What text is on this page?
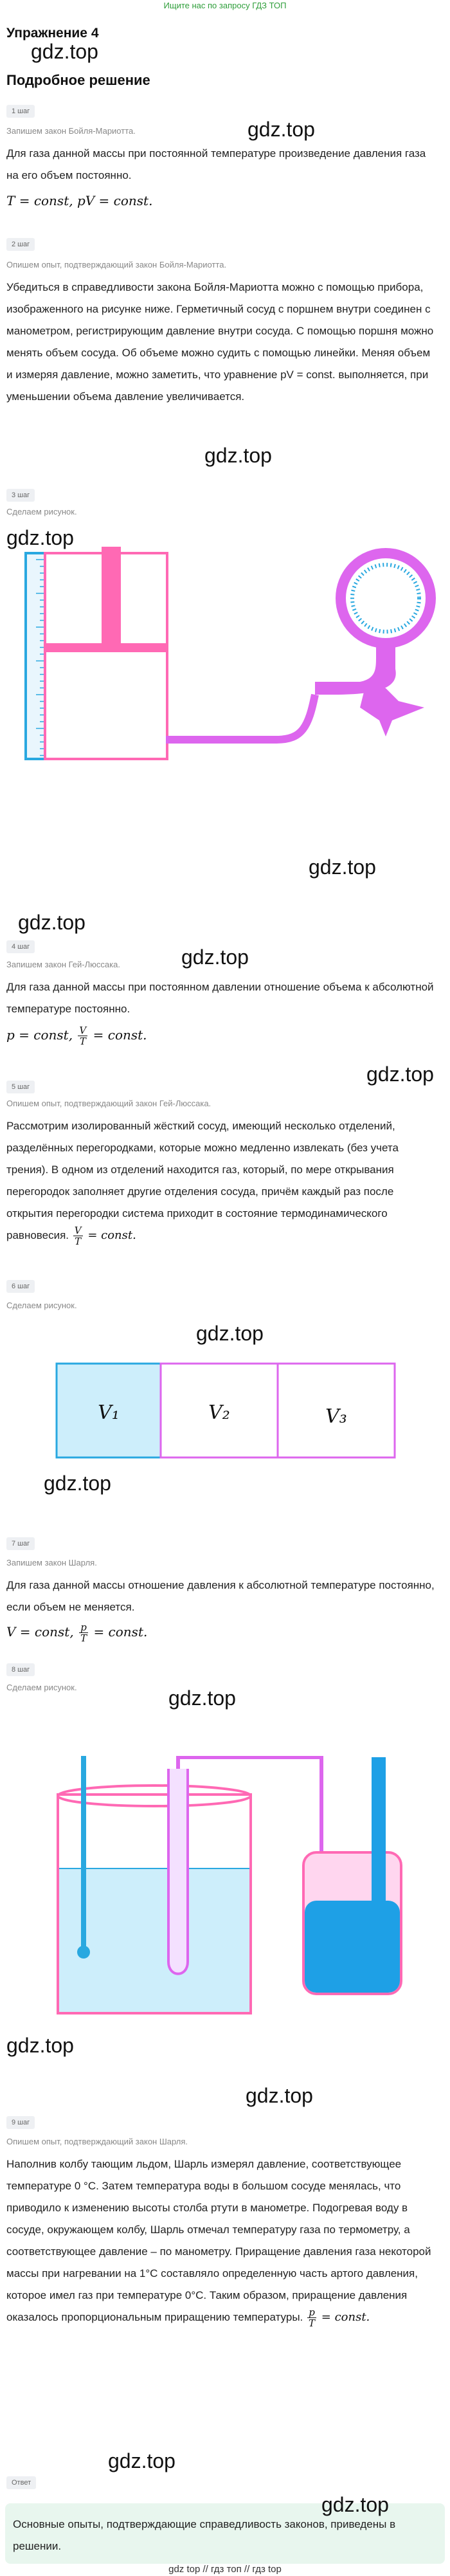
Ищите нас по запросу ГДЗ ТОП
Упражнение 4
gdz.top
Подробное решение
gdz.top
1 шаг
Запишем закон Бойля-Мариотта.
Для газа данной массы при постоянной температуре произведение давления газа на его объем постоянно.
T = const, pV = const.
2 шаг
Опишем опыт, подтверждающий закон Бойля-Мариотта.
Убедиться в справедливости закона Бойля-Мариотта можно с помощью прибора, изображенного на рисунке ниже. Герметичный сосуд с поршнем внутри соединен с манометром, регистрирующим давление внутри сосуда. С помощью поршня можно менять объем сосуда. Об объеме можно судить с помощью линейки. Меняя объем и измеряя давление, можно заметить, что уравнение pV = const. выполняется, при уменьшении объема давление увеличивается.
gdz.top
3 шаг
Сделаем рисунок.
gdz.top
gdz.top
gdz.top
4 шаг
Запишем закон Гей-Люссака.	gdz.top
Для газа данной массы при постоянном давлении отношение объема к абсолютной температуре постоянно.
p = const, $\frac{V}{T}$ = const.
gdz.top
5 шаг
Опишем опыт, подтверждающий закон Гей-Люссака.
Рассмотрим изолированный жёсткий сосуд, имеющий несколько отделений, разделённых перегородками, которые можно медленно извлекать (без учета трения). В одном из отделений находится газ, который, по мере открывания перегородок заполняет другие отделения сосуда, причём каждый раз после открытия перегородки система приходит в состояние термодинамического равновесия. $\frac{V}{T}$ = const.
6 шаг
Сделаем рисунок.
gdz.top
V₁	V₂	V₃
gdz.top
7 шаг
Запишем закон Шарля.
Для газа данной массы отношение давления к абсолютной температуре постоянно, если объем не меняется.
V = const, $\frac{p}{T}$ = const.
8 шаг
Сделаем рисунок.	gdz.top
gdz.top
gdz.top
9 шаг
Опишем опыт, подтверждающий закон Шарля.
Наполнив колбу тающим льдом, Шарль измерял давление, соответствующее температуре 0 °С. Затем температура воды в большом сосуде менялась, что приводило к изменению высоты столба ртути в манометре. Подогревая воду в сосуде, окружающем колбу, Шарль отмечал температуру газа по термометру, а соответствующее давление – по манометру. Приращение давления газа некоторой массы при нагревании на 1°C составляло определенную часть артого давления, которое имел газ при температуре 0°C. Таким образом, приращение давления оказалось пропорциональным приращению температуры. $\frac{p}{T}$ = const.
gdz.top
Ответ
Основные опыты, подтверждающие справедливость законов, приведены в решении.
gdz.top
gdz top // гдз топ // гдз top
